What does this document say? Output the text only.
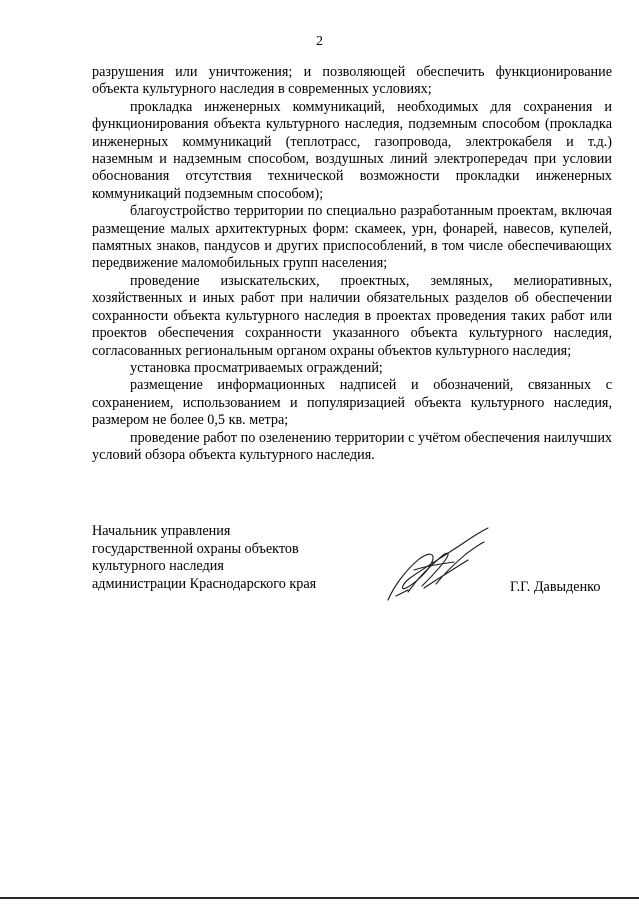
2

разрушения или уничтожения; и позволяющей обеспечить функционирование объекта культурного наследия в современных условиях;

прокладка инженерных коммуникаций, необходимых для сохранения и функционирования объекта культурного наследия, подземным способом (прокладка инженерных коммуникаций (теплотрасс, газопровода, электрокабеля и т.д.) наземным и надземным способом, воздушных линий электропередач при условии обоснования отсутствия технической возможности прокладки инженерных коммуникаций подземным способом);

благоустройство территории по специально разработанным проектам, включая размещение малых архитектурных форм: скамеек, урн, фонарей, навесов, купелей, памятных знаков, пандусов и других приспособлений, в том числе обеспечивающих передвижение маломобильных групп населения;

проведение изыскательских, проектных, земляных, мелиоративных, хозяйственных и иных работ при наличии обязательных разделов об обеспечении сохранности объекта культурного наследия в проектах проведения таких работ или проектов обеспечения сохранности указанного объекта культурного наследия, согласованных региональным органом охраны объектов культурного наследия;

установка просматриваемых ограждений;

размещение информационных надписей и обозначений, связанных с сохранением, использованием и популяризацией объекта культурного наследия, размером не более 0,5 кв. метра;

проведение работ по озеленению территории с учётом обеспечения наилучших условий обзора объекта культурного наследия.

Начальник управления
государственной охраны объектов
культурного наследия
администрации Краснодарского края	Г.Г. Давыденко
